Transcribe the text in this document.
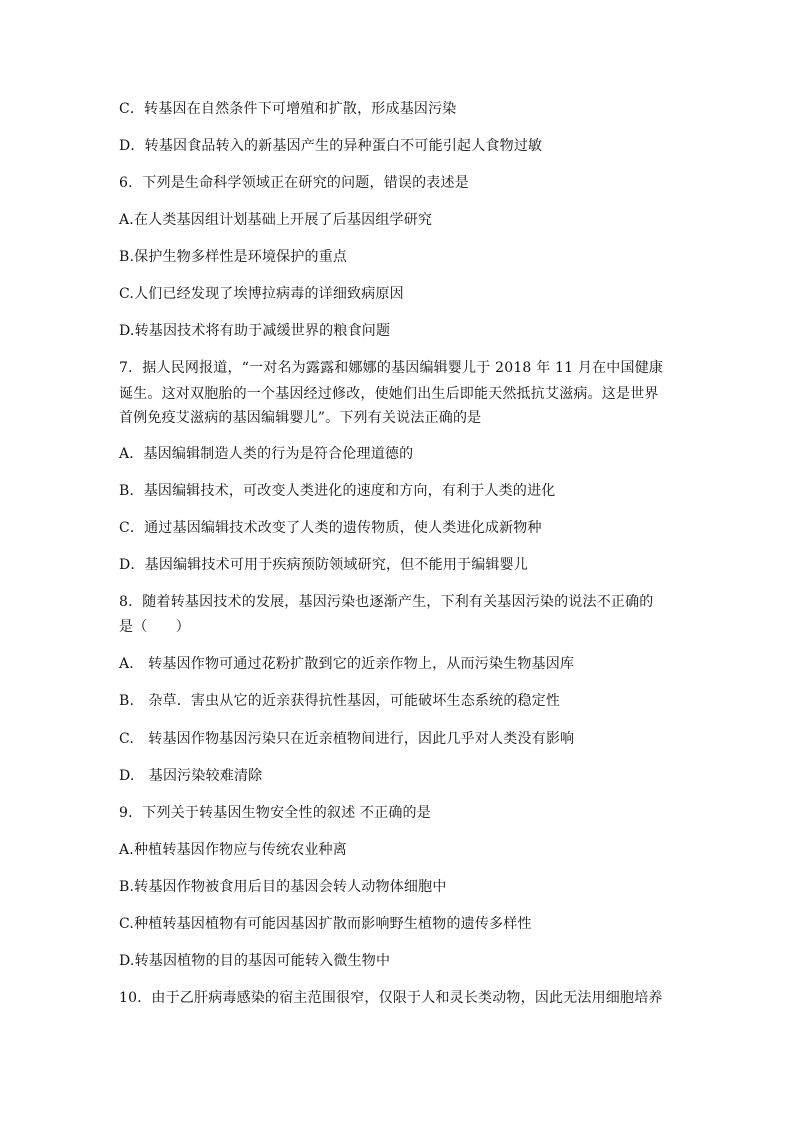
C．转基因在自然条件下可增殖和扩散，形成基因污染
D．转基因食品转入的新基因产生的异种蛋白不可能引起人食物过敏
6．下列是生命科学领域正在研究的问题，错误的表述是
A.在人类基因组计划基础上开展了后基因组学研究
B.保护生物多样性是环境保护的重点
C.人们已经发现了埃博拉病毒的详细致病原因
D.转基因技术将有助于减缓世界的粮食问题
7．据人民网报道，“一对名为露露和娜娜的基因编辑婴儿于 2018 年 11 月在中国健康
诞生。这对双胞胎的一个基因经过修改，使她们出生后即能天然抵抗艾滋病。这是世界
首例免疫艾滋病的基因编辑婴儿”。下列有关说法正确的是
A．基因编辑制造人类的行为是符合伦理道德的
B．基因编辑技术，可改变人类进化的速度和方向，有利于人类的进化
C．通过基因编辑技术改变了人类的遗传物质，使人类进化成新物种
D．基因编辑技术可用于疾病预防领域研究，但不能用于编辑婴儿
8．随着转基因技术的发展，基因污染也逐渐产生，下利有关基因污染的说法不正确的
是（　　）
A.　转基因作物可通过花粉扩散到它的近亲作物上，从而污染生物基因库
B.　杂草．害虫从它的近亲获得抗性基因，可能破坏生态系统的稳定性
C.　转基因作物基因污染只在近亲植物间进行，因此几乎对人类没有影响
D.　基因污染较难清除
9．下列关于转基因生物安全性的叙述 不正确的是
A.种植转基因作物应与传统农业种离
B.转基因作物被食用后目的基因会转人动物体细胞中
C.种植转基因植物有可能因基因扩散而影响野生植物的遗传多样性
D.转基因植物的目的基因可能转入微生物中
10．由于乙肝病毒感染的宿主范围很窄，仅限于人和灵长类动物，因此无法用细胞培养
